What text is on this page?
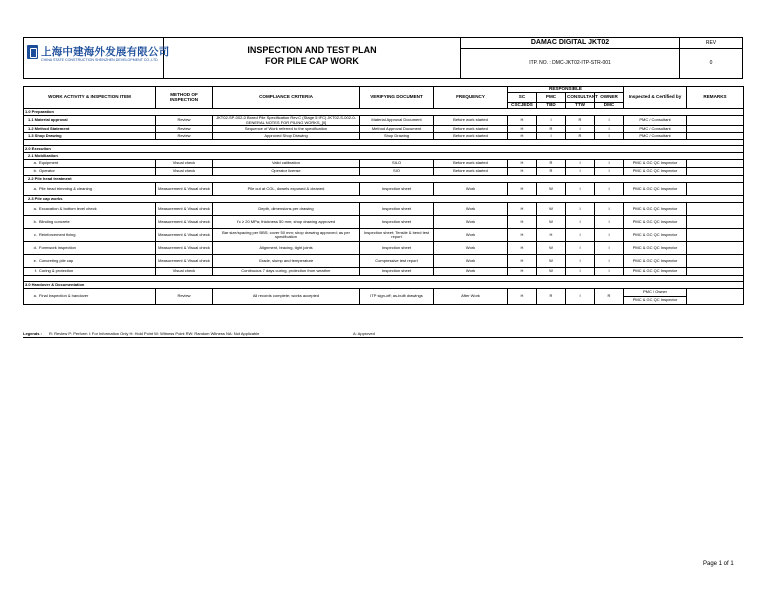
上海中建海外发展有限公司
CHINA STATE CONSTRUCTION SHENZHEN DEVELOPMENT CO.,LTD
INSPECTION AND TEST PLAN
FOR PILE CAP WORK
DAMAC DIGITAL JKT02
ITP. NO. : DMC-JKT02-ITP-STR-001
REV
0
WORK ACTIVITY & INSPECTION ITEM	METHOD OF INSPECTION	COMPLIANCE CRITERIA	VERIFYING DOCUMENT	FREQUENCY	RESPONSIBLE				Inspected & Certified by	REMARKS
					SC	PMC	CONSULTANT	OWNER		
					CSCJEDS	TBD	TTW	DMC		
1.0 Preparation										
1.1 Material approval	Review	JKT02-SP-002-0 Bored Pile Specification Rev.C (Stage 5 IFC) JKT02-S-002-0-GENERAL NOTES FOR PILING WORKS_[0]	Material Approval Document	Before work started	H	I	R	I	PMC / Consultant	
1.2 Method Statement	Review	Sequence of Work referred to the specification	Method Approval Document	Before work started	H	R	I	I	PMC / Consultant	
1.3 Shop Drawing	Review	Approved Shop Drawing	Shop Drawing	Before work started	H	I	R	I	PMC / Consultant	

2.0 Execution										
2.1 Mobilization										
a. Equipment	Visual check	Valid calibration	SILO	Before work started	H	R	I	I	PMC & GC QC Inspector	
b. Operator	Visual check	Operator license	SIO	Before work started	H	R	I	I	PMC & GC QC Inspector	
2.2 Pile head treatment										
a. Pile head trimming & cleaning	Measurement & Visual check	Pile cut at COL, dowels exposed & cleaned	Inspection sheet	Work	H	W	I	I	PMC & GC QC Inspector	
2.3 Pile cap works										
a. Excavation & bottom level check	Measurement & Visual check	Depth, dimensions per drawing	Inspection sheet	Work	H	W	I	I	PMC & GC QC Inspector	
b. Blinding concrete	Measurement & Visual check	f'c ≥ 20 MPa; thickness 50 mm; shop drawing approved	Inspection sheet	Work	H	W	I	I	PMC & GC QC Inspector	
c. Reinforcement fixing	Measurement & Visual check	Bar size/spacing per BBS; cover 50 mm; shop drawing approved; as per specification	Inspection sheet; Tensile & bend test report	Work	H	H	I	I	PMC & GC QC Inspector	
d. Formwork inspection	Measurement & Visual check	Alignment, bracing, tight joints	Inspection sheet	Work	H	W	I	I	PMC & GC QC Inspector	
e. Concreting pile cap	Measurement & Visual check	Grade, slump and temperature	Compressive test report	Work	H	W	I	I	PMC & GC QC Inspector	
f. Curing & protection	Visual check	Continuous 7 days curing, protection from weather	Inspection sheet	Work	H	W	I	I	PMC & GC QC Inspector	

3.0 Handover & Documentation										
a. Final inspection & handover	Review	All records complete; works accepted	ITP sign-off; as-built drawings	After Work	H	R	I	R	PMC / Owner	
									PMC & GC QC Inspector	
Legends : R: Review P: Perform I: For Information Only H: Hold Point W: Witness Point RW: Random Witness NA: Not Applicable	A: Approved
Page 1 of 1
